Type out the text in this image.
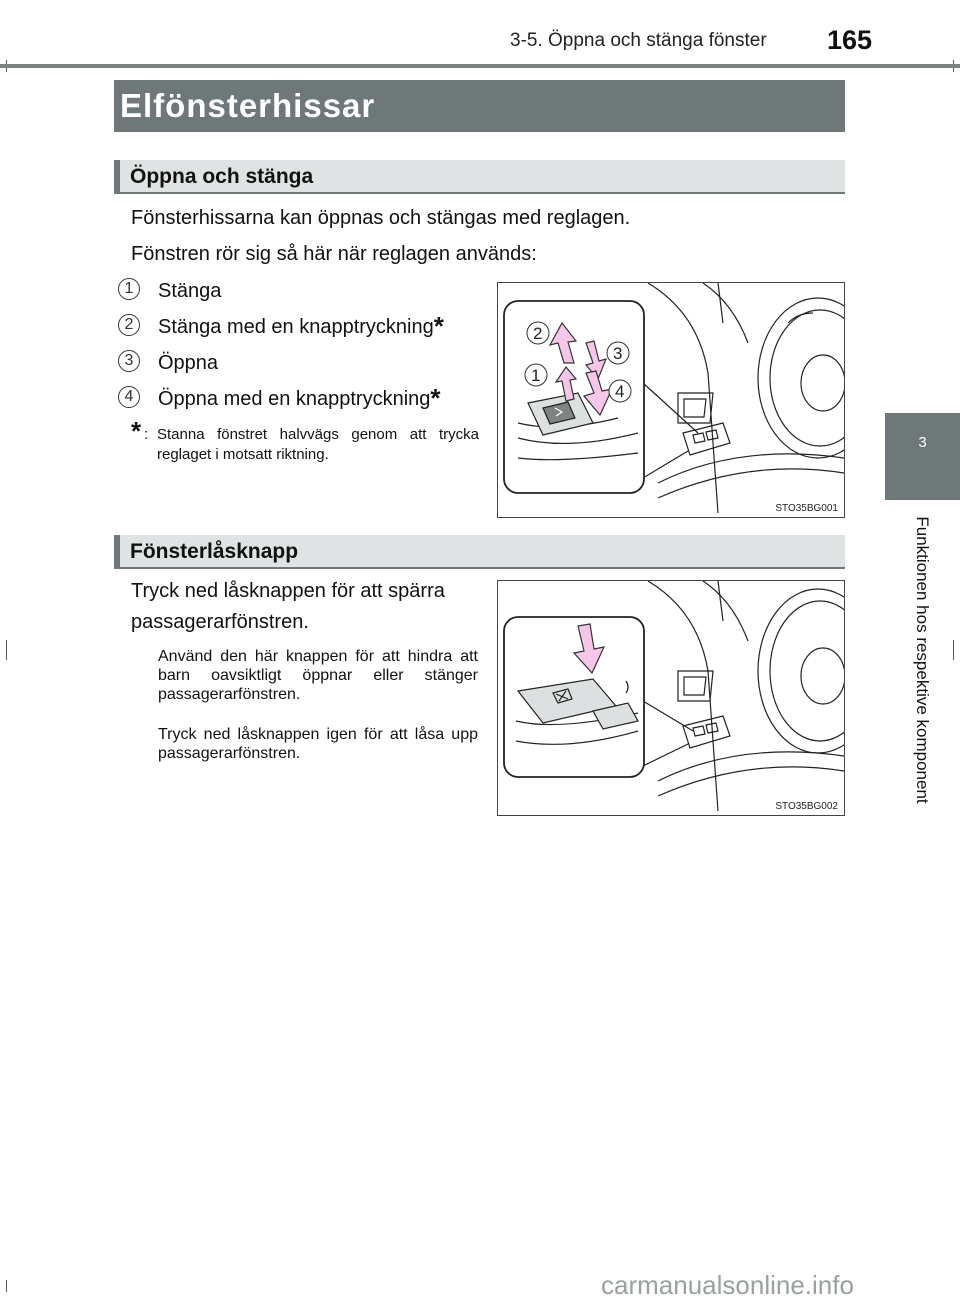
3-5. Öppna och stänga fönster 165
Elfönsterhissar
Öppna och stänga
Fönsterhissarna kan öppnas och stängas med reglagen.
Fönstren rör sig så här när reglagen används:
1	Stänga
2	Stänga med en knapptryckning*
3	Öppna
4	Öppna med en knapptryckning*
* : Stanna fönstret halvvägs genom att trycka reglaget i motsatt riktning.
2
3
1
4
STO35BG001
Fönsterlåsknapp
Tryck ned låsknappen för att spärra passagerarfönstren.
Använd den här knappen för att hindra att barn oavsiktligt öppnar eller stänger passagerarfönstren.
Tryck ned låsknappen igen för att låsa upp passagerarfönstren.
STO35BG002
3
Funktionen hos respektive komponent
carmanualsonline.info
